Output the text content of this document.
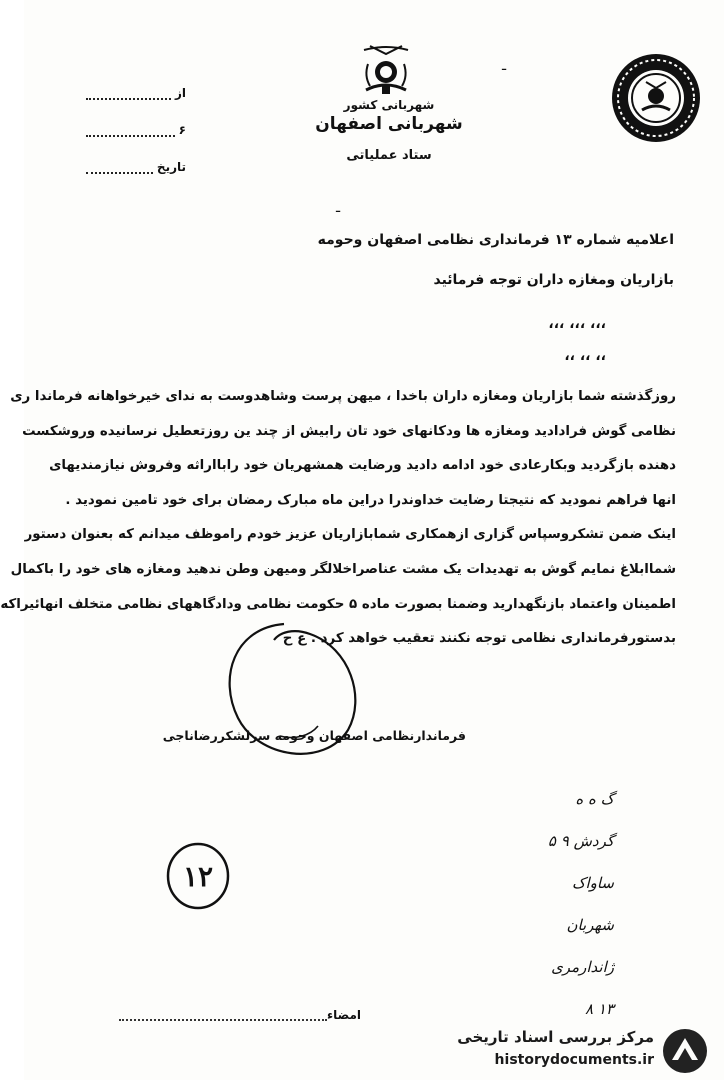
از
۶
تاریخ
شهربانی کشور
شهربانی اصفهان
ستاد عملیاتی
ـ
ـ
اعلامیه شماره ۱۳ فرمانداری نظامی اصفهان وحومه
بازاریان ومغازه داران توجه فرمائید
،،، ،،، ،،،
،، ،، ،،
روزگذشته شما بازاریان ومغازه داران باخدا ، میهن پرست وشاهدوست به ندای خیرخواهانه فرماندا ری
نظامی گوش فرادادید ومغازه ها ودکانهای خود تان رابیش از چند ین روزتعطیل نرسانیده وروشکست
دهنده بازگردید وبکارعادی خود ادامه دادید ورضایت همشهریان خود رابااراثه وفروش نیازمندیهای
انها فراهم نمودید که نتیجتا رضایت خداوندرا دراین ماه مبارک رمضان برای خود تامین نمودید .
اینک ضمن تشکروسپاس گزاری ازهمکاری شمابازاریان عزیز خودم راموظف میدانم که بعنوان دستور
شماابلاغ نمایم گوش به تهدیدات یک مشت عناصراخلالگر ومیهن وطن ندهید ومغازه های خود را باکمال
اطمینان واعتماد بازنگهدارید وضمنا بصورت ماده ۵ حکومت نظامی ودادگاههای نظامی متخلف انهائیراکه
بدستورفرمانداری نظامی توجه نکنند تعقیب خواهد کرد . ع ح
فرماندارنظامی اصفهان وحومه سرلشکررضاناجی
۱۲
گ ه ه
گردش ۹ ۵
ساواک
شهربان
ژاندارمری
۱۳ ۸
امضاء
مرکز بررسی اسناد تاریخی
historydocuments.ir
